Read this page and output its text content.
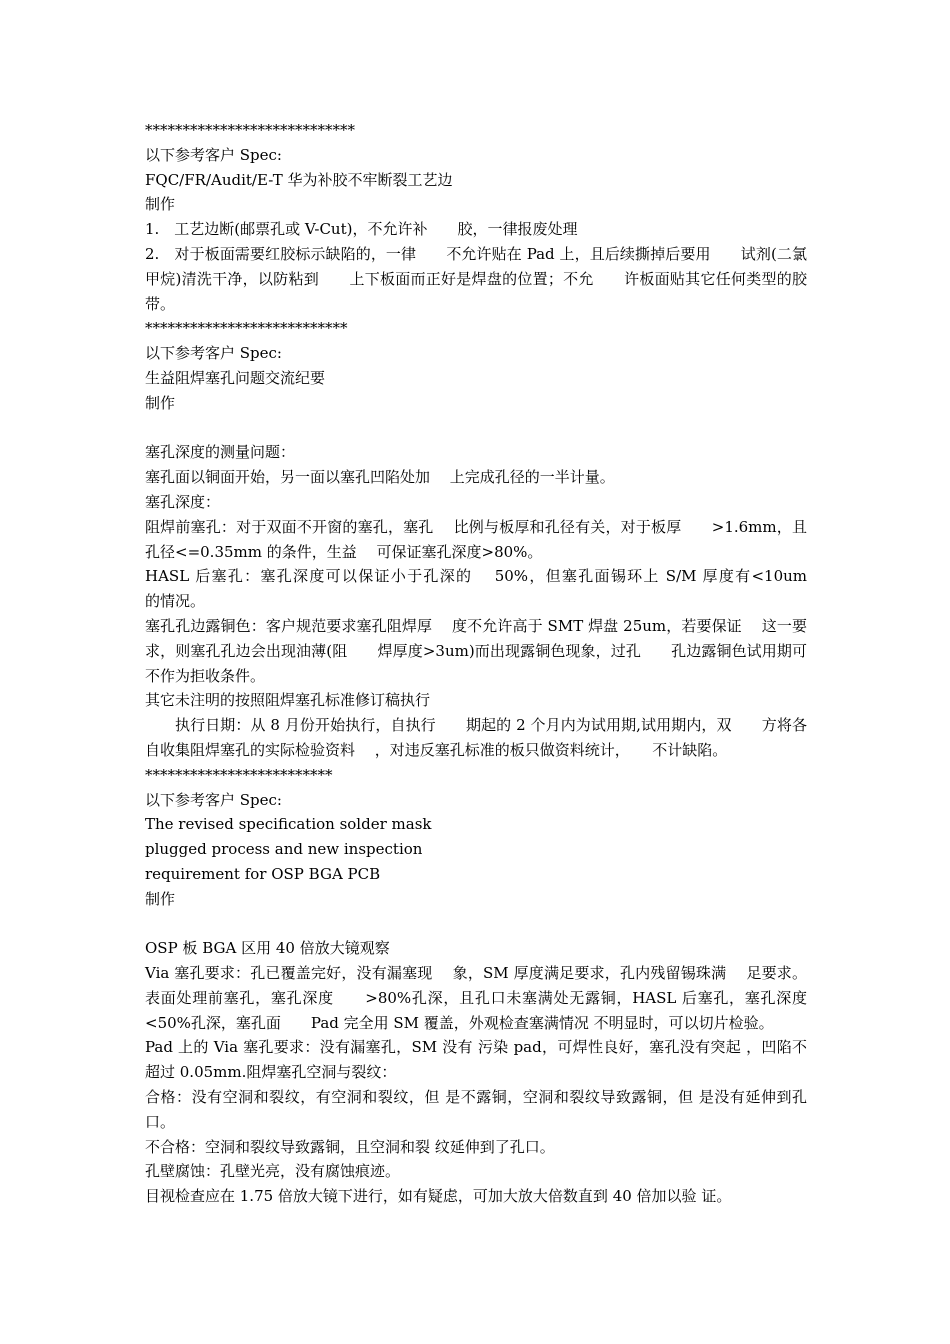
****************************
以下参考客户 Spec:
FQC/FR/Audit/E-T 华为补胶不牢断裂工艺边
制作
1.　工艺边断(邮票孔或 V-Cut)，不允许补　　胶，一律报废处理
2.　对于板面需要红胶标示缺陷的，一律　　不允许贴在 Pad 上，且后续撕掉后要用　　试剂(二氯甲烷)清洗干净，以防粘到　　上下板面而正好是焊盘的位置；不允　　许板面贴其它任何类型的胶带。
***************************
以下参考客户 Spec:
生益阻焊塞孔问题交流纪要
制作
塞孔深度的测量问题：
塞孔面以铜面开始，另一面以塞孔凹陷处加　 上完成孔径的一半计量。
塞孔深度：
阻焊前塞孔：对于双面不开窗的塞孔，塞孔　 比例与板厚和孔径有关，对于板厚　　>1.6mm，且孔径<=0.35mm 的条件，生益　 可保证塞孔深度>80%。
HASL 后塞孔：塞孔深度可以保证小于孔深的　 50%，但塞孔面锡环上 S/M 厚度有<10um　　的情况。
塞孔孔边露铜色：客户规范要求塞孔阻焊厚　 度不允许高于 SMT 焊盘 25um，若要保证　 这一要求，则塞孔孔边会出现油薄(阻　　焊厚度>3um)而出现露铜色现象，过孔　　孔边露铜色试用期可不作为拒收条件。
其它未注明的按照阻焊塞孔标准修订稿执行
执行日期：从 8 月份开始执行，自执行　　期起的 2 个月内为试用期,试用期内，双　　方将各自收集阻焊塞孔的实际检验资料　 ，对违反塞孔标准的板只做资料统计，　　不计缺陷。
*************************
以下参考客户 Spec:
The revised specification solder mask
plugged process and new inspection
requirement for OSP BGA PCB
制作
OSP 板 BGA 区用 40 倍放大镜观察
Via 塞孔要求：孔已覆盖完好，没有漏塞现　 象，SM 厚度满足要求，孔内残留锡珠满　 足要求。表面处理前塞孔，塞孔深度　　>80%孔深，且孔口未塞满处无露铜，HASL 后塞孔，塞孔深度<50%孔深，塞孔面　　Pad 完全用 SM 覆盖，外观检查塞满情况 不明显时，可以切片检验。
Pad 上的 Via 塞孔要求：没有漏塞孔，SM 没有 污染 pad，可焊性良好，塞孔没有突起 ，凹陷不超过 0.05mm.阻焊塞孔空洞与裂纹：
合格：没有空洞和裂纹，有空洞和裂纹，但 是不露铜，空洞和裂纹导致露铜，但 是没有延伸到孔口。
不合格：空洞和裂纹导致露铜，且空洞和裂 纹延伸到了孔口。
孔壁腐蚀：孔壁光亮，没有腐蚀痕迹。
目视检查应在 1.75 倍放大镜下进行，如有疑虑，可加大放大倍数直到 40 倍加以验 证。
